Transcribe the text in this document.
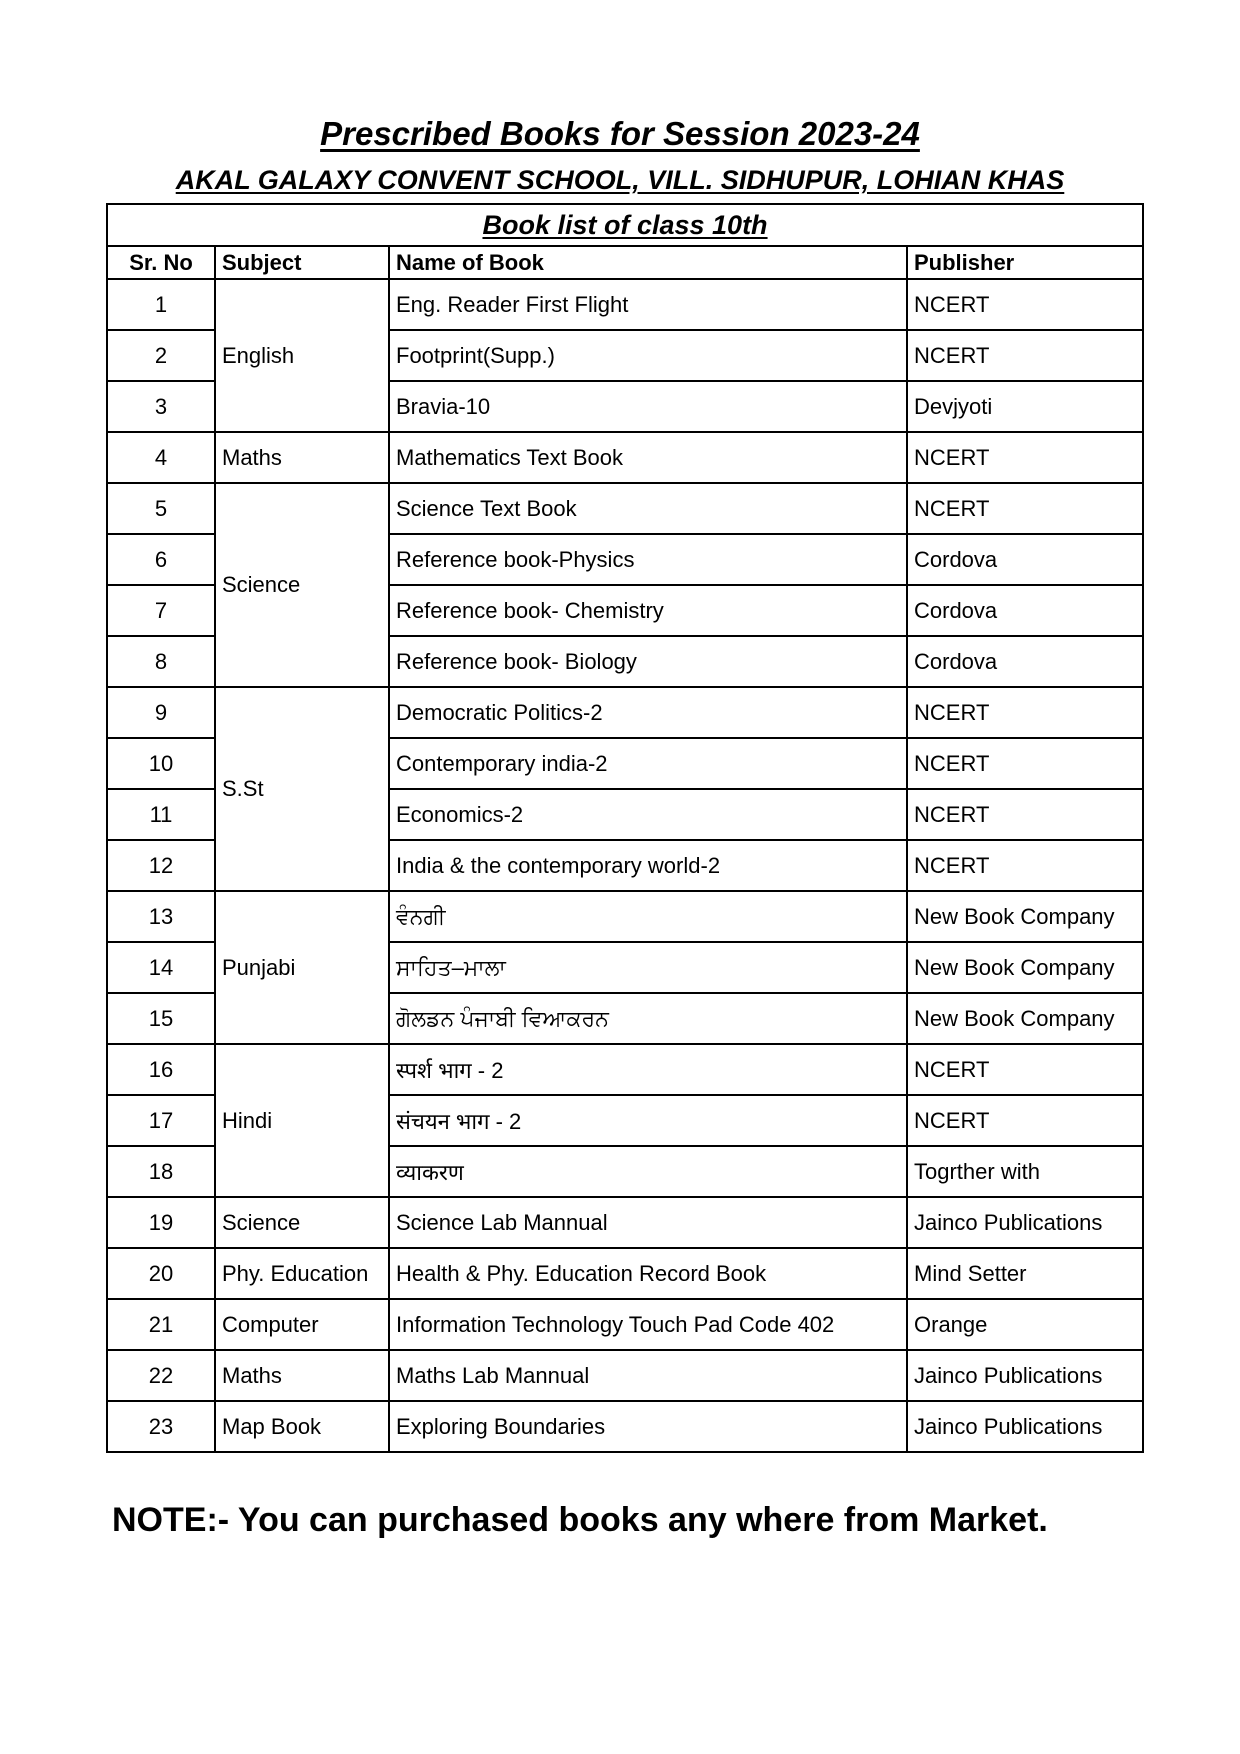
Prescribed Books for Session 2023-24
AKAL GALAXY CONVENT SCHOOL, VILL. SIDHUPUR, LOHIAN KHAS
Book list of class 10th			
Sr. No	Subject	Name of Book	Publisher
1	English	Eng. Reader First Flight	NCERT
2		Footprint(Supp.)	NCERT
3		Bravia-10	Devjyoti
4	Maths	Mathematics Text Book	NCERT
5	Science	Science Text Book	NCERT
6		Reference book-Physics	Cordova
7		Reference book- Chemistry	Cordova
8		Reference book- Biology	Cordova
9	S.St	Democratic Politics-2	NCERT
10		Contemporary india-2	NCERT
11		Economics-2	NCERT
12		India & the contemporary world-2	NCERT
13	Punjabi	ਵੰਨਗੀ	New Book Company
14		ਸਾਹਿਤ–ਮਾਲਾ	New Book Company
15		ਗੋਲਡਨ ਪੰਜਾਬੀ ਵਿਆਕਰਨ	New Book Company
16	Hindi	स्पर्श भाग - 2	NCERT
17		संचयन भाग - 2	NCERT
18		व्याकरण	Togrther with
19	Science	Science Lab Mannual	Jainco Publications
20	Phy. Education	Health & Phy. Education Record Book	Mind Setter
21	Computer	Information Technology Touch Pad Code 402	Orange
22	Maths	Maths Lab Mannual	Jainco Publications
23	Map Book	Exploring Boundaries	Jainco Publications
NOTE:- You can purchased books any where from Market.
